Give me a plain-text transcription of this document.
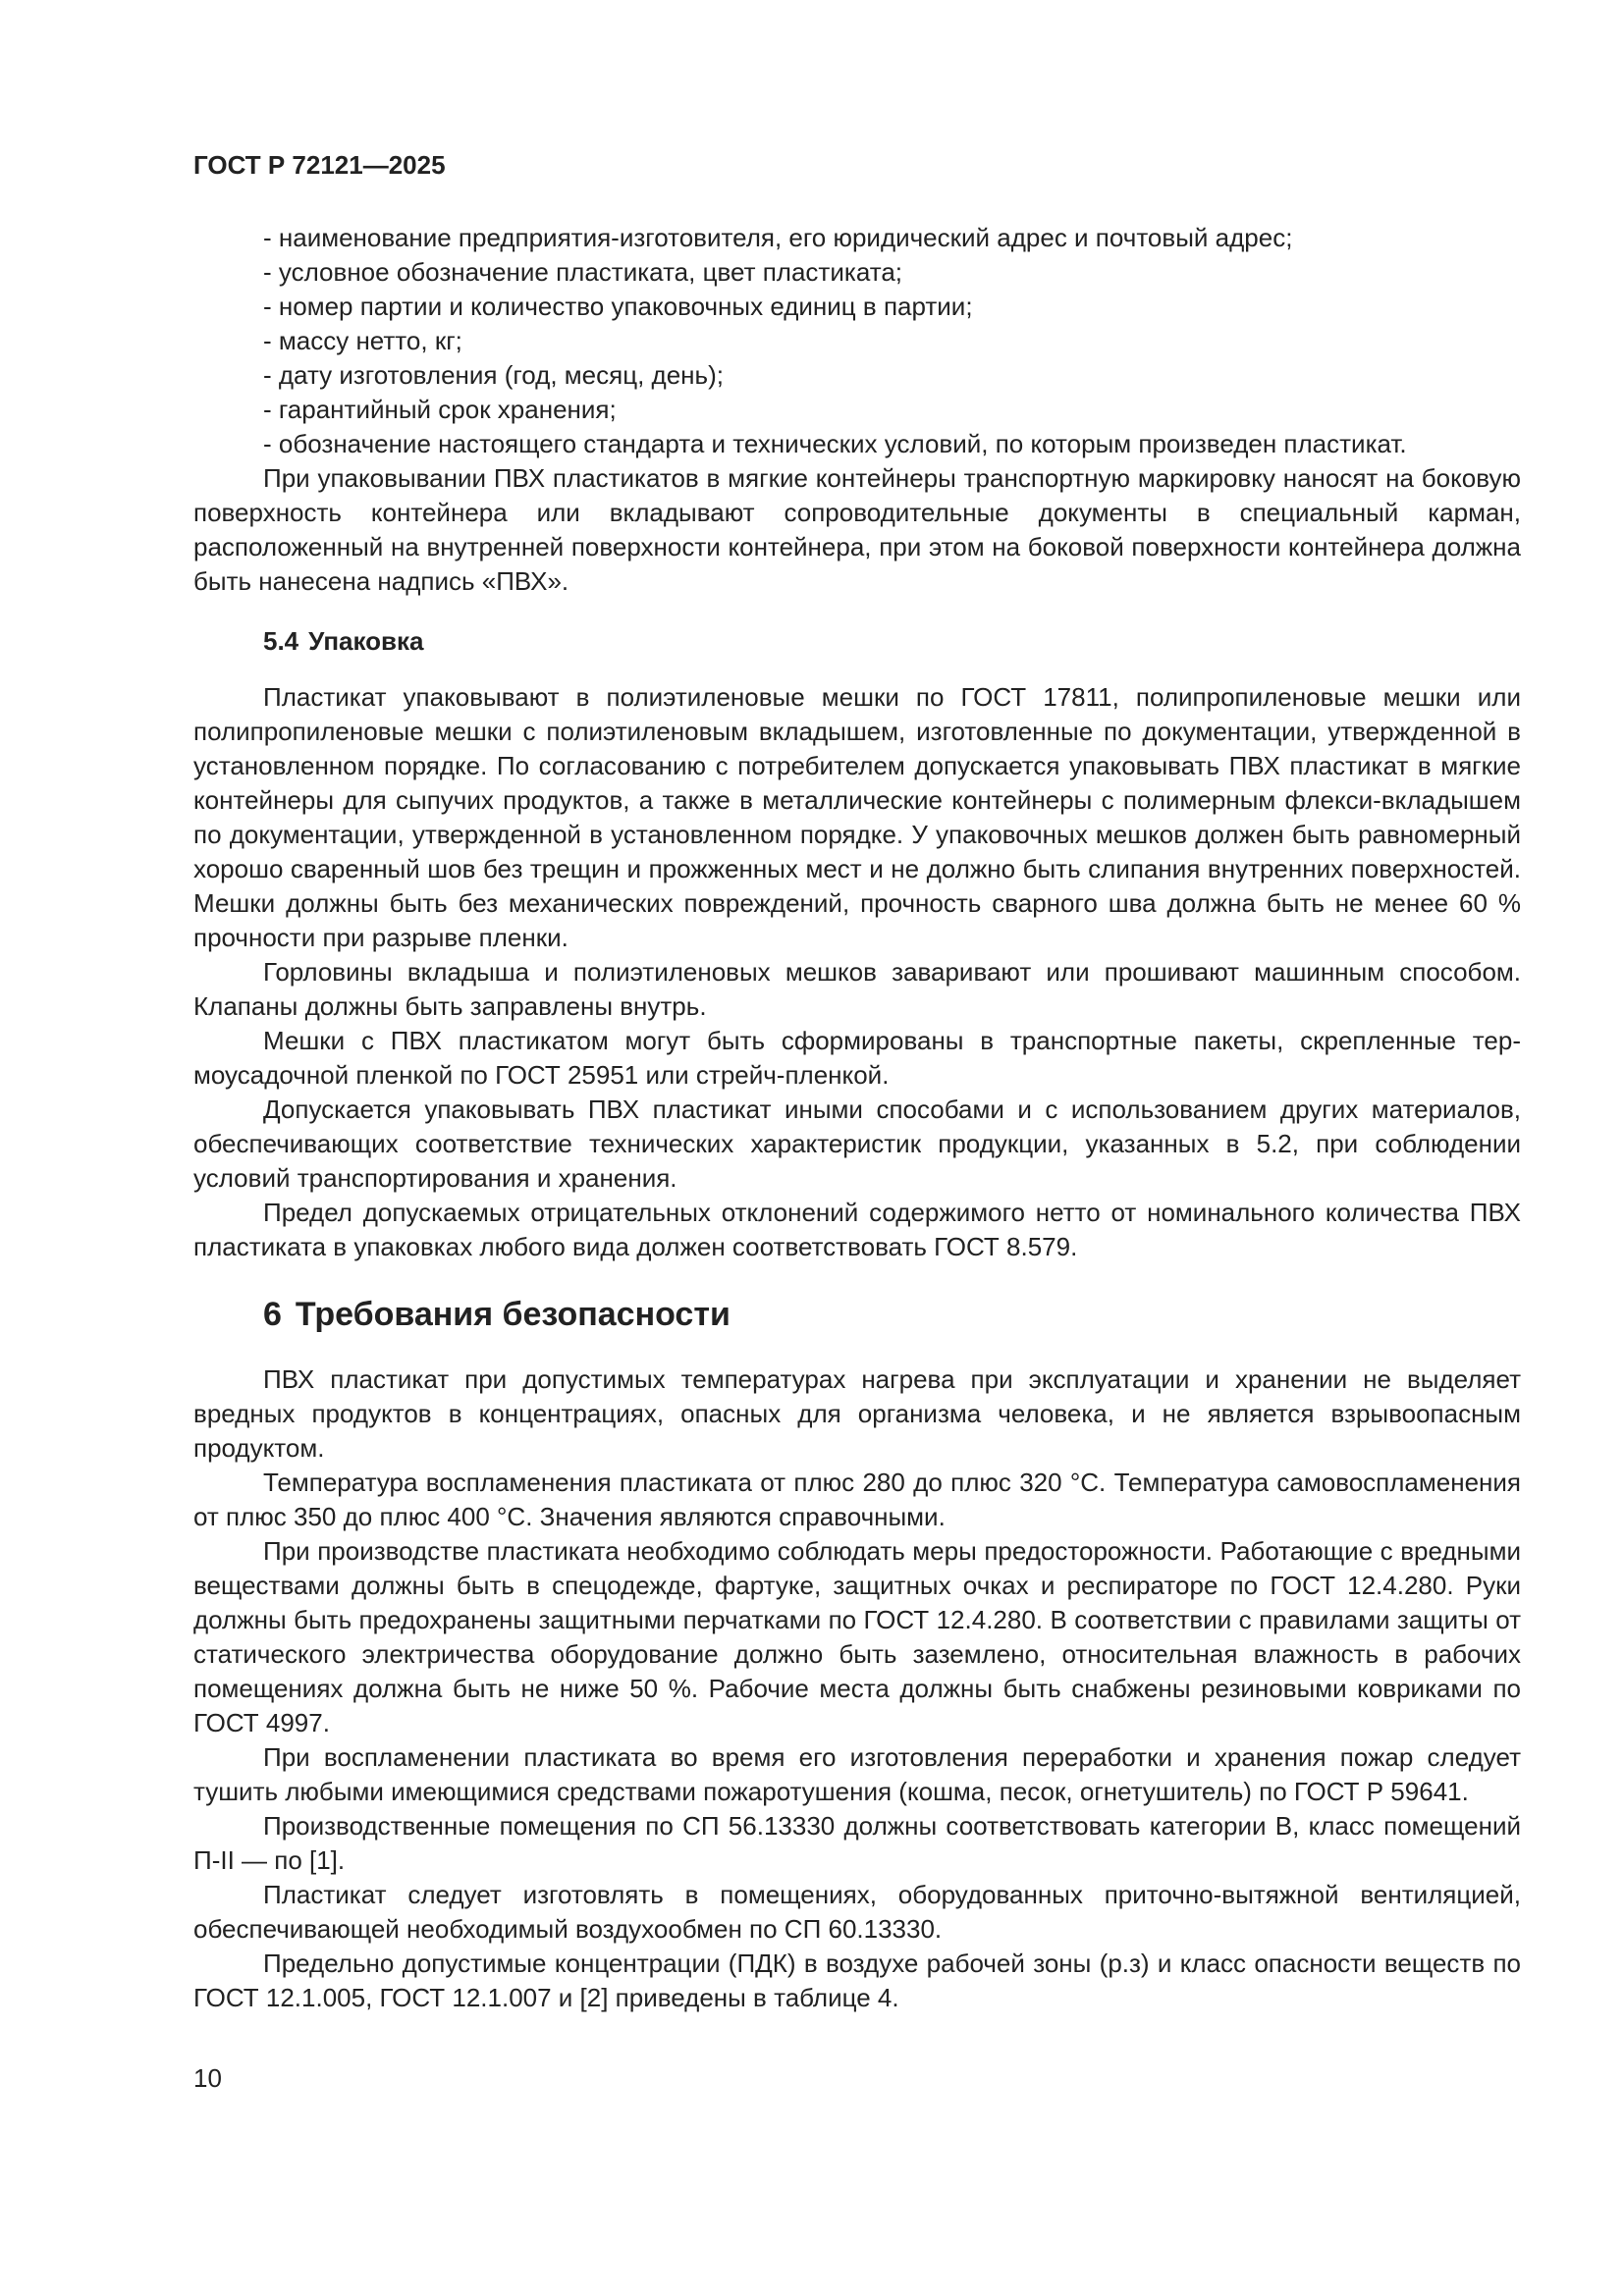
ГОСТ Р 72121—2025

- наименование предприятия-изготовителя, его юридический адрес и почтовый адрес;
- условное обозначение пластиката, цвет пластиката;
- номер партии и количество упаковочных единиц в партии;
- массу нетто, кг;
- дату изготовления (год, месяц, день);
- гарантийный срок хранения;
- обозначение настоящего стандарта и технических условий, по которым произведен пластикат.

При упаковывании ПВХ пластикатов в мягкие контейнеры транспортную маркировку наносят на боковую поверхность контейнера или вкладывают сопроводительные документы в специальный карман, расположенный на внутренней поверхности контейнера, при этом на боковой поверхности контейнера должна быть нанесена надпись «ПВХ».

5.4 Упаковка

Пластикат упаковывают в полиэтиленовые мешки по ГОСТ 17811, полипропиленовые мешки или полипропиленовые мешки с полиэтиленовым вкладышем, изготовленные по документации, утвержденной в установленном порядке. По согласованию с потребителем допускается упаковывать ПВХ пластикат в мягкие контейнеры для сыпучих продуктов, а также в металлические контейнеры с полимерным флекси-вкладышем по документации, утвержденной в установленном порядке. У упаковочных мешков должен быть равномерный хорошо сваренный шов без трещин и прожженных мест и не должно быть слипания внутренних поверхностей. Мешки должны быть без механических повреждений, прочность сварного шва должна быть не менее 60 % прочности при разрыве пленки.

Горловины вкладыша и полиэтиленовых мешков заваривают или прошивают машинным способом. Клапаны должны быть заправлены внутрь.

Мешки с ПВХ пластикатом могут быть сформированы в транспортные пакеты, скрепленные термоусадочной пленкой по ГОСТ 25951 или стрейч-пленкой.

Допускается упаковывать ПВХ пластикат иными способами и с использованием других материалов, обеспечивающих соответствие технических характеристик продукции, указанных в 5.2, при соблюдении условий транспортирования и хранения.

Предел допускаемых отрицательных отклонений содержимого нетто от номинального количества ПВХ пластиката в упаковках любого вида должен соответствовать ГОСТ 8.579.

6 Требования безопасности

ПВХ пластикат при допустимых температурах нагрева при эксплуатации и хранении не выделяет вредных продуктов в концентрациях, опасных для организма человека, и не является взрывоопасным продуктом.

Температура воспламенения пластиката от плюс 280 до плюс 320 °С. Температура самовоспламенения от плюс 350 до плюс 400 °С. Значения являются справочными.

При производстве пластиката необходимо соблюдать меры предосторожности. Работающие с вредными веществами должны быть в спецодежде, фартуке, защитных очках и респираторе по ГОСТ 12.4.280. Руки должны быть предохранены защитными перчатками по ГОСТ 12.4.280. В соответствии с правилами защиты от статического электричества оборудование должно быть заземлено, относительная влажность в рабочих помещениях должна быть не ниже 50 %. Рабочие места должны быть снабжены резиновыми ковриками по ГОСТ 4997.

При воспламенении пластиката во время его изготовления переработки и хранения пожар следует тушить любыми имеющимися средствами пожаротушения (кошма, песок, огнетушитель) по ГОСТ Р 59641.

Производственные помещения по СП 56.13330 должны соответствовать категории В, класс помещений П-II — по [1].

Пластикат следует изготовлять в помещениях, оборудованных приточно-вытяжной вентиляцией, обеспечивающей необходимый воздухообмен по СП 60.13330.

Предельно допустимые концентрации (ПДК) в воздухе рабочей зоны (р.з) и класс опасности веществ по ГОСТ 12.1.005, ГОСТ 12.1.007 и [2] приведены в таблице 4.

10
